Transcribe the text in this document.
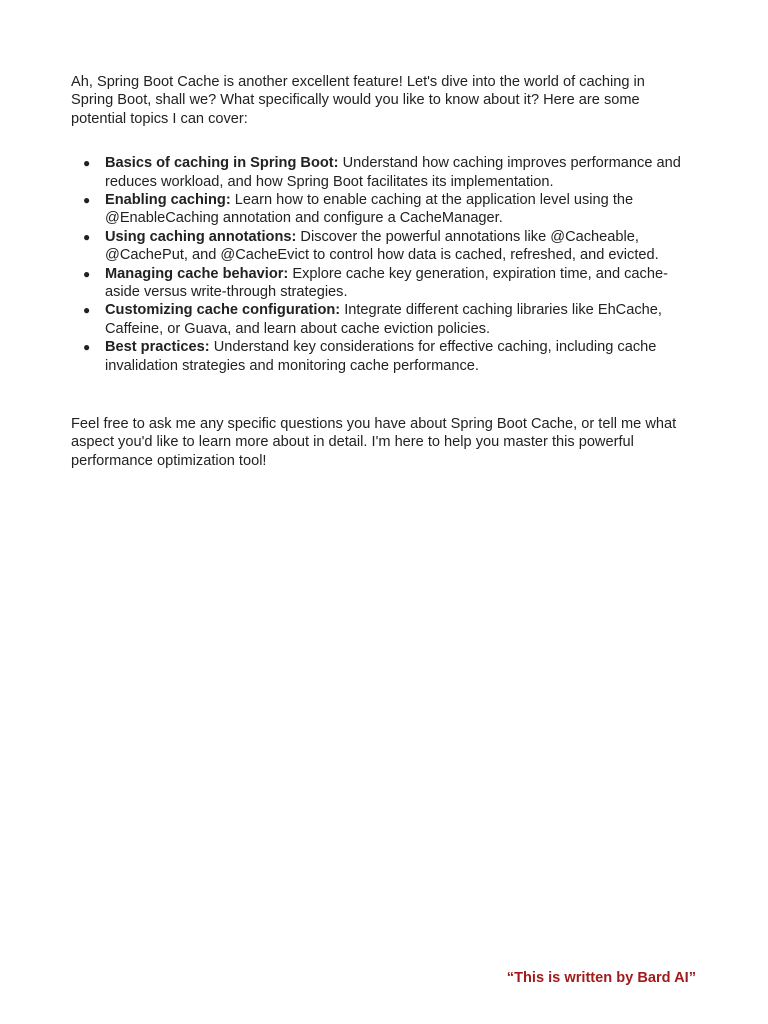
Ah, Spring Boot Cache is another excellent feature! Let's dive into the world of caching in Spring Boot, shall we? What specifically would you like to know about it? Here are some potential topics I can cover:

● Basics of caching in Spring Boot: Understand how caching improves performance and reduces workload, and how Spring Boot facilitates its implementation.
● Enabling caching: Learn how to enable caching at the application level using the @EnableCaching annotation and configure a CacheManager.
● Using caching annotations: Discover the powerful annotations like @Cacheable, @CachePut, and @CacheEvict to control how data is cached, refreshed, and evicted.
● Managing cache behavior: Explore cache key generation, expiration time, and cache-aside versus write-through strategies.
● Customizing cache configuration: Integrate different caching libraries like EhCache, Caffeine, or Guava, and learn about cache eviction policies.
● Best practices: Understand key considerations for effective caching, including cache invalidation strategies and monitoring cache performance.

Feel free to ask me any specific questions you have about Spring Boot Cache, or tell me what aspect you'd like to learn more about in detail. I'm here to help you master this powerful performance optimization tool!

“This is written by Bard AI”
